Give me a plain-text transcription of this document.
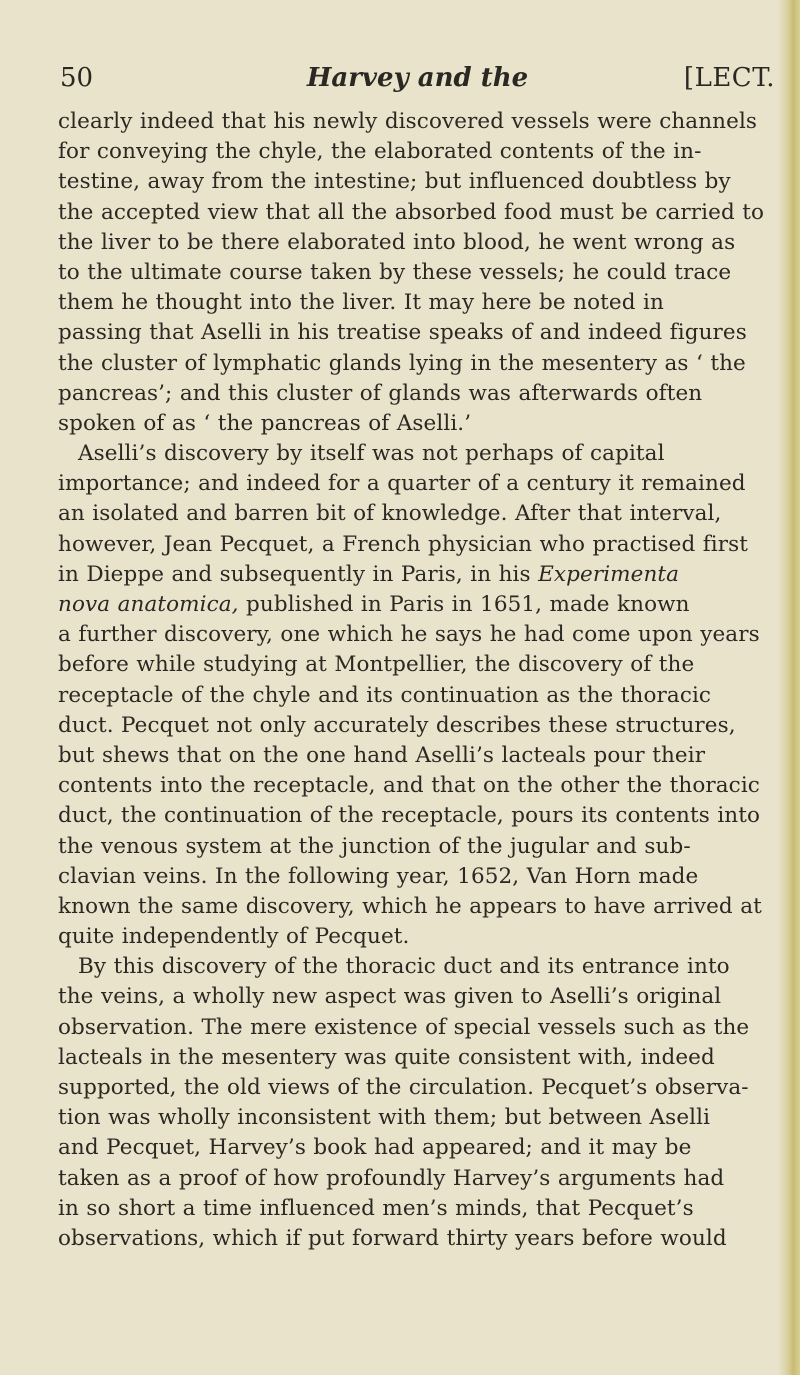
50	Harvey and the	[LECT.
clearly indeed that his newly discovered vessels were channels
for conveying the chyle, the elaborated contents of the in-
testine, away from the intestine; but influenced doubtless by
the accepted view that all the absorbed food must be carried to
the liver to be there elaborated into blood, he went wrong as
to the ultimate course taken by these vessels; he could trace
them he thought into the liver. It may here be noted in
passing that Aselli in his treatise speaks of and indeed figures
the cluster of lymphatic glands lying in the mesentery as ‘ the
pancreas’; and this cluster of glands was afterwards often
spoken of as ‘ the pancreas of Aselli.’
Aselli’s discovery by itself was not perhaps of capital
importance; and indeed for a quarter of a century it remained
an isolated and barren bit of knowledge. After that interval,
however, Jean Pecquet, a French physician who practised first
in Dieppe and subsequently in Paris, in his Experimenta
nova anatomica, published in Paris in 1651, made known
a further discovery, one which he says he had come upon years
before while studying at Montpellier, the discovery of the
receptacle of the chyle and its continuation as the thoracic
duct. Pecquet not only accurately describes these structures,
but shews that on the one hand Aselli’s lacteals pour their
contents into the receptacle, and that on the other the thoracic
duct, the continuation of the receptacle, pours its contents into
the venous system at the junction of the jugular and sub-
clavian veins. In the following year, 1652, Van Horn made
known the same discovery, which he appears to have arrived at
quite independently of Pecquet.
By this discovery of the thoracic duct and its entrance into
the veins, a wholly new aspect was given to Aselli’s original
observation. The mere existence of special vessels such as the
lacteals in the mesentery was quite consistent with, indeed
supported, the old views of the circulation. Pecquet’s observa-
tion was wholly inconsistent with them; but between Aselli
and Pecquet, Harvey’s book had appeared; and it may be
taken as a proof of how profoundly Harvey’s arguments had
in so short a time influenced men’s minds, that Pecquet’s
observations, which if put forward thirty years before would
